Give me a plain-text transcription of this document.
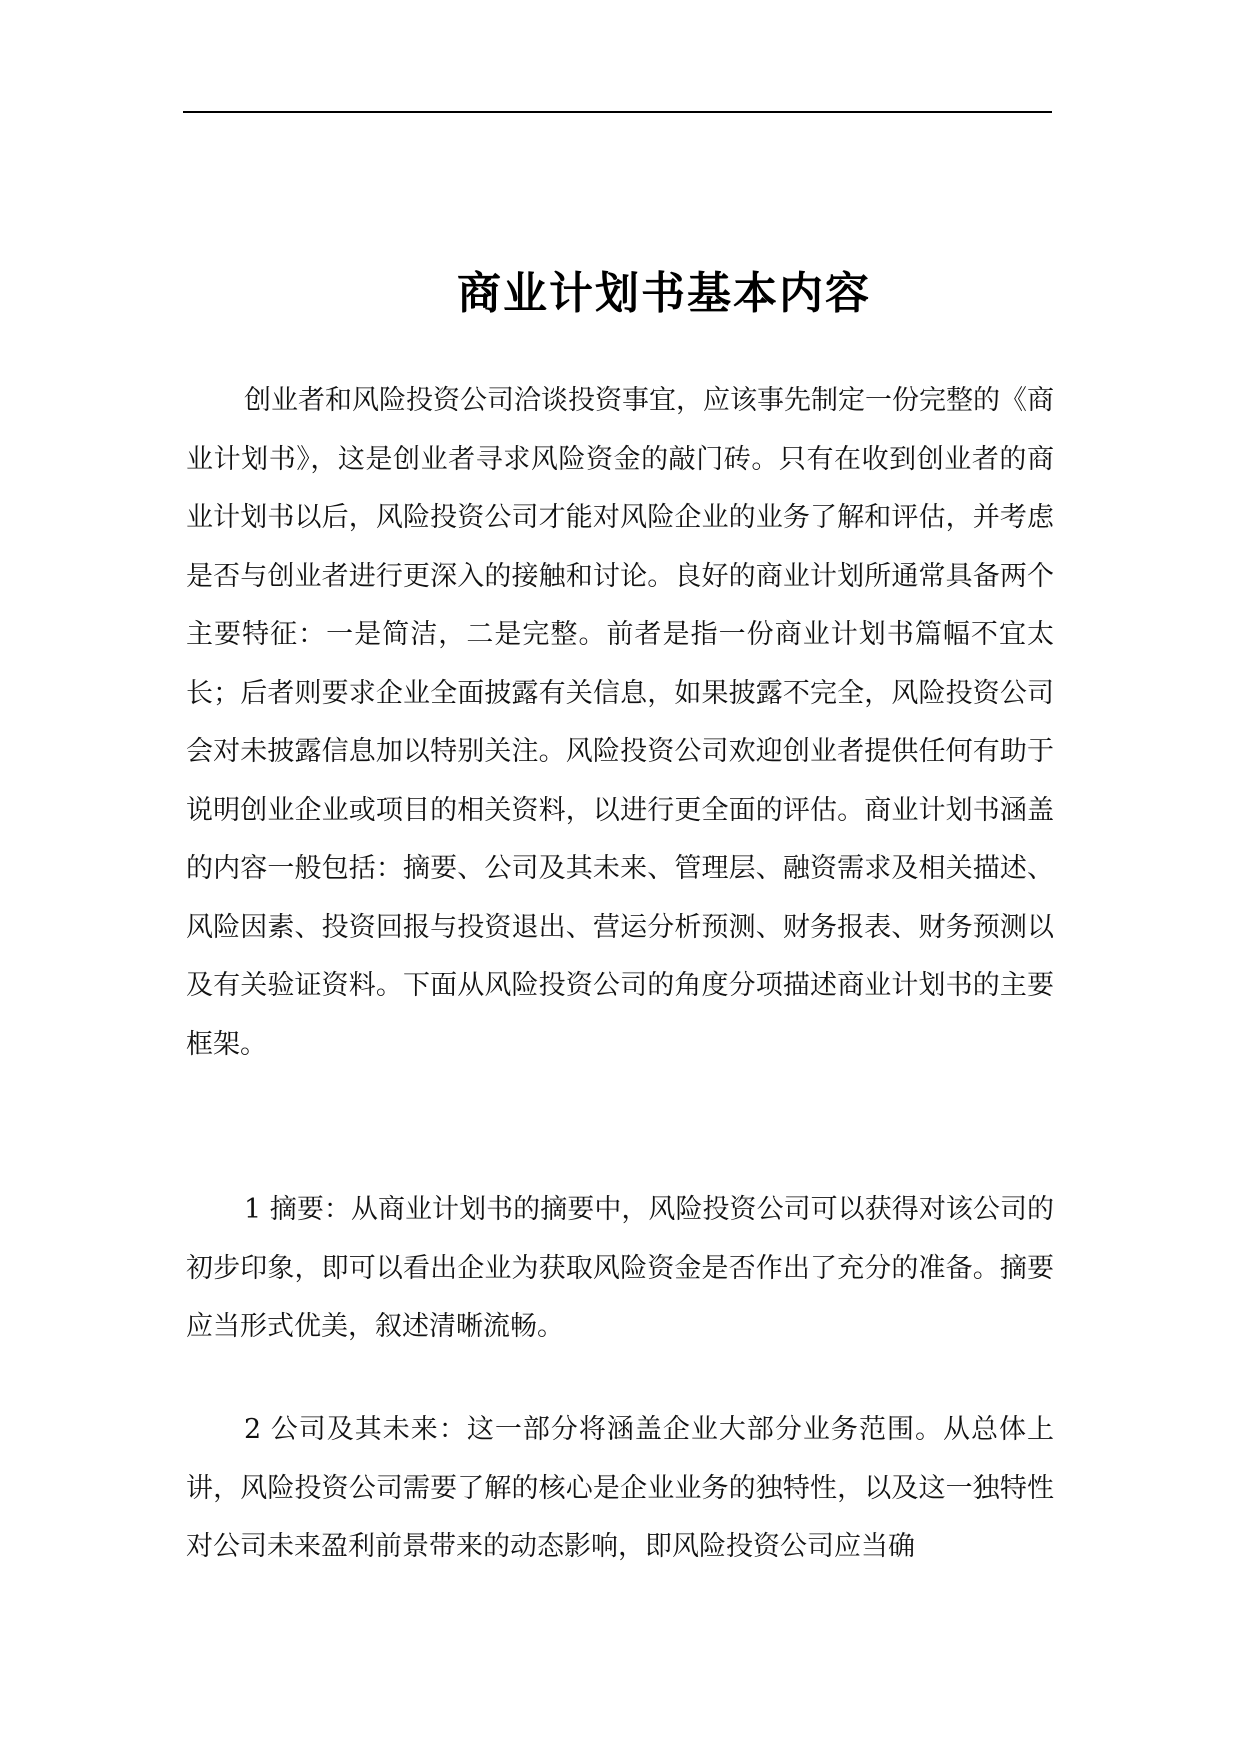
商业计划书基本内容

创业者和风险投资公司洽谈投资事宜，应该事先制定一份完整的《商业计划书》，这是创业者寻求风险资金的敲门砖。只有在收到创业者的商业计划书以后，风险投资公司才能对风险企业的业务了解和评估，并考虑是否与创业者进行更深入的接触和讨论。良好的商业计划所通常具备两个主要特征：一是简洁，二是完整。前者是指一份商业计划书篇幅不宜太长；后者则要求企业全面披露有关信息，如果披露不完全，风险投资公司会对未披露信息加以特别关注。风险投资公司欢迎创业者提供任何有助于说明创业企业或项目的相关资料，以进行更全面的评估。商业计划书涵盖的内容一般包括：摘要、公司及其未来、管理层、融资需求及相关描述、风险因素、投资回报与投资退出、营运分析预测、财务报表、财务预测以及有关验证资料。下面从风险投资公司的角度分项描述商业计划书的主要框架。

1 摘要：从商业计划书的摘要中，风险投资公司可以获得对该公司的初步印象，即可以看出企业为获取风险资金是否作出了充分的准备。摘要应当形式优美，叙述清晰流畅。

2 公司及其未来：这一部分将涵盖企业大部分业务范围。从总体上讲，风险投资公司需要了解的核心是企业业务的独特性，以及这一独特性对公司未来盈利前景带来的动态影响，即风险投资公司应当确
